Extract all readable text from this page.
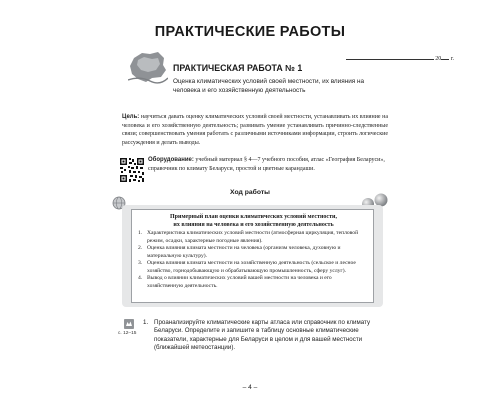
ПРАКТИЧЕСКИЕ РАБОТЫ
20 г.
ПРАКТИЧЕСКАЯ РАБОТА № 1
Оценка климатических условий своей местности, их влияния на человека и его хозяйственную деятельность
Цель: научиться давать оценку климатических условий своей местности, устанавливать их влияние на человека и его хозяйственную деятельность; развивать умение устанавливать причинно-следственные связи; совершенствовать умения работать с различными источниками информации, строить логические рассуждения и делать выводы.
Оборудование: учебный материал § 4—7 учебного пособия, атлас «География Беларуси», справочник по климату Беларуси, простой и цветные карандаши.
Ход работы
Примерный план оценки климатических условий местности,
их влияния на человека и его хозяйственную деятельность
1. Характеристика климатических условий местности (атмосферная циркуляция, тепловой режим, осадки, характерные погодные явления).
2. Оценка влияния климата местности на человека (организм человека, духовную и материальную культуру).
3. Оценка влияния климата местности на хозяйственную деятельность (сельское и лесное хозяйство, горнодобывающую и обрабатывающую промышленность, сферу услуг).
4. Вывод о влиянии климатических условий вашей местности на человека и его хозяйственную деятельность.
с. 12–15
1. Проанализируйте климатические карты атласа или справочник по климату Беларуси. Определите и запишите в таблицу основные климатические показатели, характерные для Беларуси в целом и для вашей местности (ближайшей метеостанции).
– 4 –
